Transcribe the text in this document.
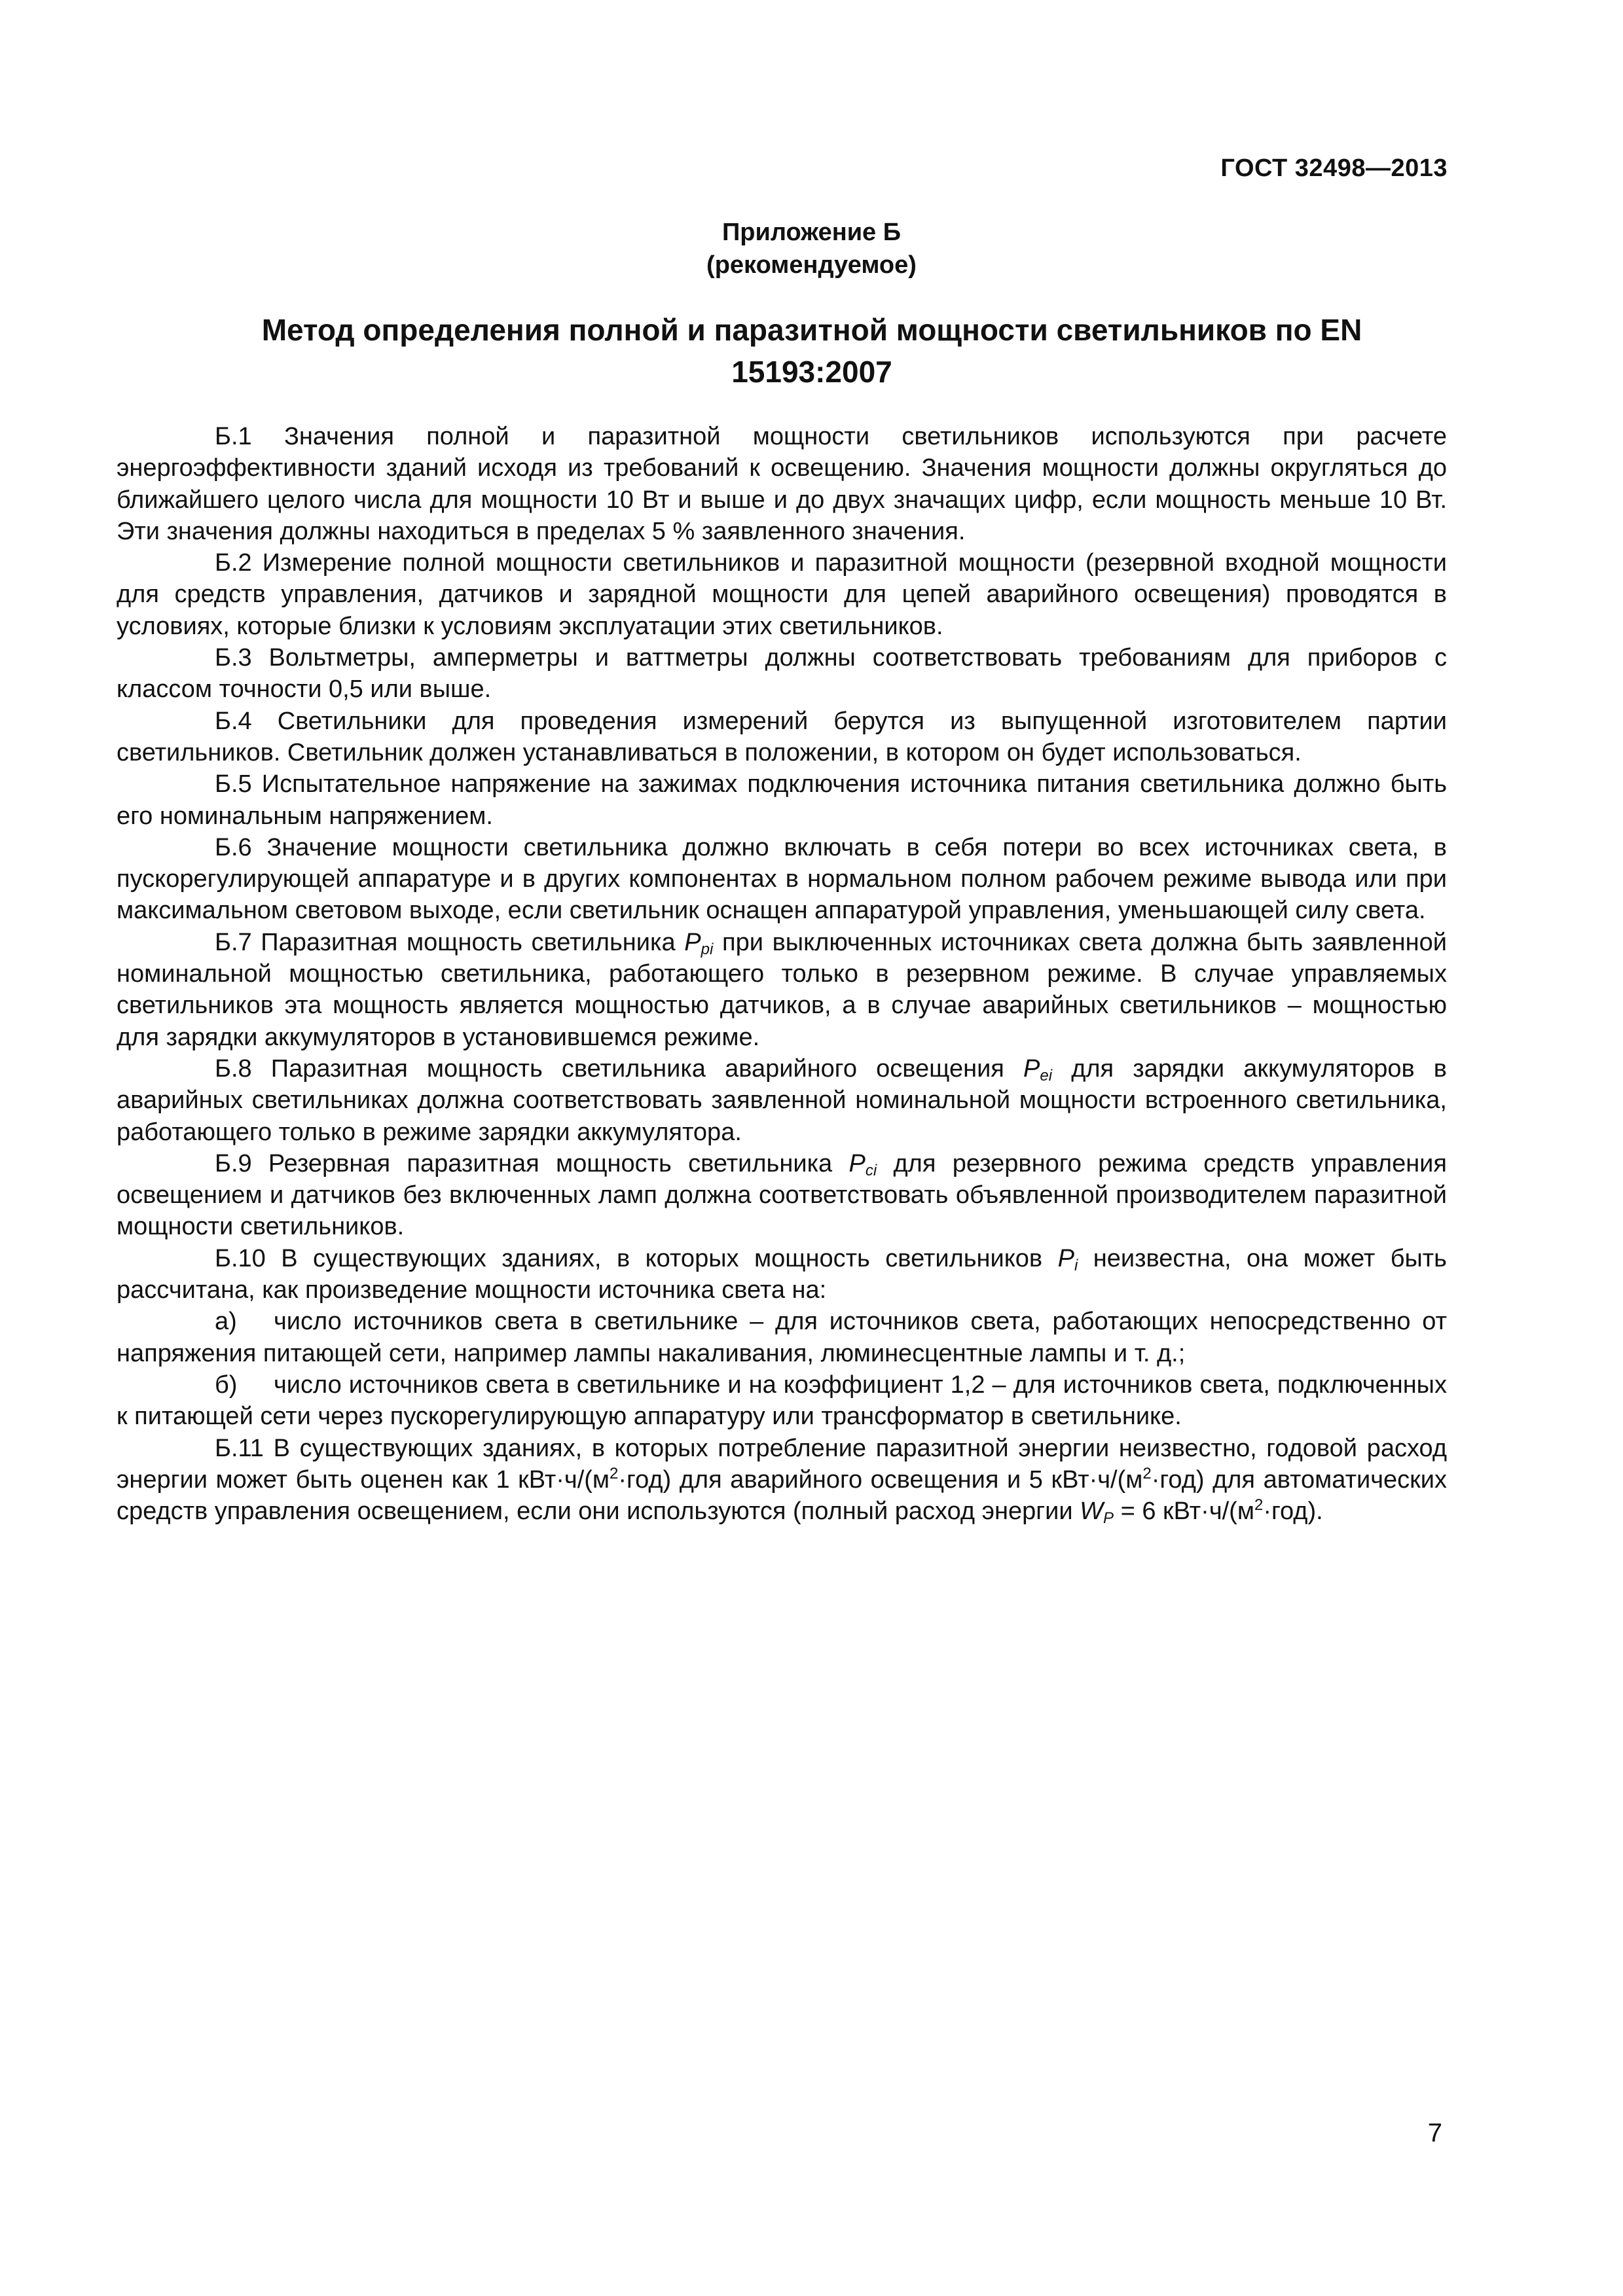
ГОСТ 32498—2013
Приложение Б
(рекомендуемое)
Метод определения полной и паразитной мощности светильников по EN 15193:2007

Б.1 Значения полной и паразитной мощности светильников используются при расчете энергоэффективности зданий исходя из требований к освещению. Значения мощности должны округляться до ближайшего целого числа для мощности 10 Вт и выше и до двух значащих цифр, если мощность меньше 10 Вт. Эти значения должны находиться в пределах 5 % заявленного значения.

Б.2 Измерение полной мощности светильников и паразитной мощности (резервной входной мощности для средств управления, датчиков и зарядной мощности для цепей аварийного освещения) проводятся в условиях, которые близки к условиям эксплуатации этих светильников.

Б.3 Вольтметры, амперметры и ваттметры должны соответствовать требованиям для приборов с классом точности 0,5 или выше.

Б.4 Светильники для проведения измерений берутся из выпущенной изготовителем партии светильников. Светильник должен устанавливаться в положении, в котором он будет использоваться.

Б.5 Испытательное напряжение на зажимах подключения источника питания светильника должно быть его номинальным напряжением.

Б.6 Значение мощности светильника должно включать в себя потери во всех источниках света, в пускорегулирующей аппаратуре и в других компонентах в нормальном полном рабочем режиме вывода или при максимальном световом выходе, если светильник оснащен аппаратурой управления, уменьшающей силу света.

Б.7 Паразитная мощность светильника $P_{pi}$ при выключенных источниках света должна быть заявленной номинальной мощностью светильника, работающего только в резервном режиме. В случае управляемых светильников эта мощность является мощностью датчиков, а в случае аварийных светильников – мощностью для зарядки аккумуляторов в установившемся режиме.

Б.8 Паразитная мощность светильника аварийного освещения $P_{ei}$ для зарядки аккумуляторов в аварийных светильниках должна соответствовать заявленной номинальной мощности встроенного светильника, работающего только в режиме зарядки аккумулятора.

Б.9 Резервная паразитная мощность светильника $P_{ci}$ для резервного режима средств управления освещением и датчиков без включенных ламп должна соответствовать объявленной производителем паразитной мощности светильников.

Б.10 В существующих зданиях, в которых мощность светильников $P_i$ неизвестна, она может быть рассчитана, как произведение мощности источника света на:

а) число источников света в светильнике – для источников света, работающих непосредственно от напряжения питающей сети, например лампы накаливания, люминесцентные лампы и т. д.;

б) число источников света в светильнике и на коэффициент 1,2 – для источников света, подключенных к питающей сети через пускорегулирующую аппаратуру или трансформатор в светильнике.

Б.11 В существующих зданиях, в которых потребление паразитной энергии неизвестно, годовой расход энергии может быть оценен как 1 $кВт\cdot ч/(м^2\cdot год)$ для аварийного освещения и 5 $кВт\cdot ч/(м^2\cdot год)$ для автоматических средств управления освещением, если они используются (полный расход энергии $W_P = 6$ $кВт\cdot ч/(м^2\cdot год)$.

7
